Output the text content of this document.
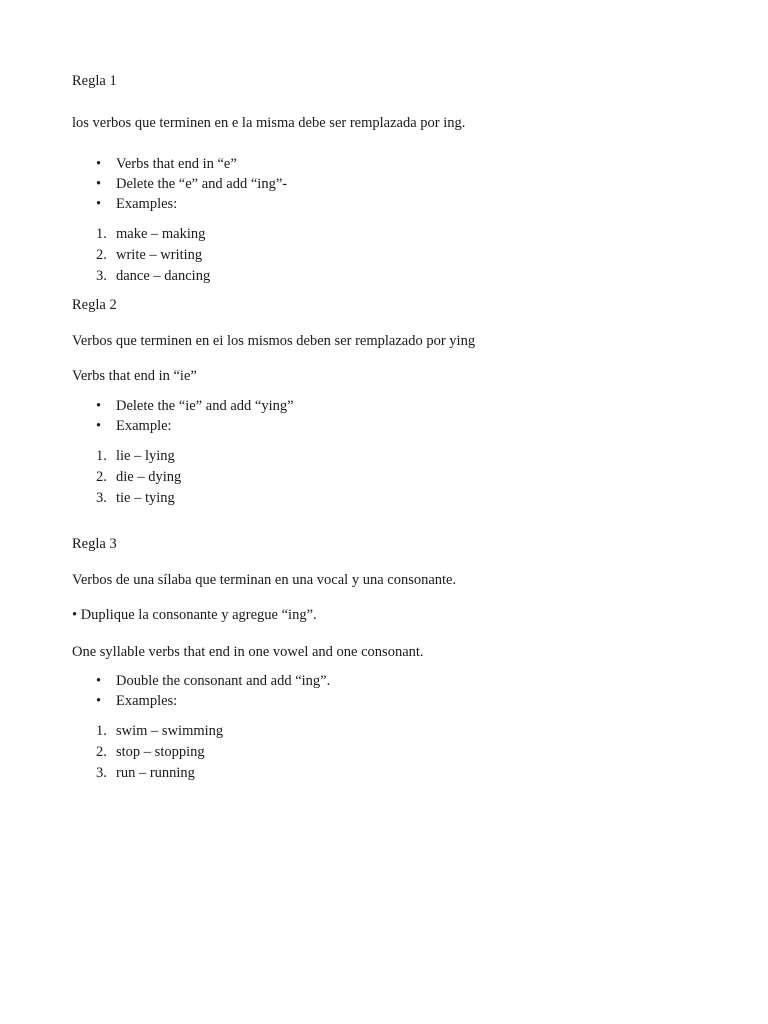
Regla 1

los verbos que terminen en e la misma debe ser remplazada por ing.

•	Verbs that end in “e”
•	Delete the “e” and add “ing”-
•	Examples:
1. make – making
2. write – writing
3. dance – dancing

Regla 2

Verbos que terminen en ei los mismos deben ser remplazado por ying

Verbs that end in “ie”

•	Delete the “ie” and add “ying”
•	Example:
1. lie – lying
2. die – dying
3. tie – tying

Regla 3

Verbos de una sílaba que terminan en una vocal y una consonante.

• Duplique la consonante y agregue “ing”.

One syllable verbs that end in one vowel and one consonant.

•	Double the consonant and add “ing”.
•	Examples:
1. swim – swimming
2. stop – stopping
3. run – running
